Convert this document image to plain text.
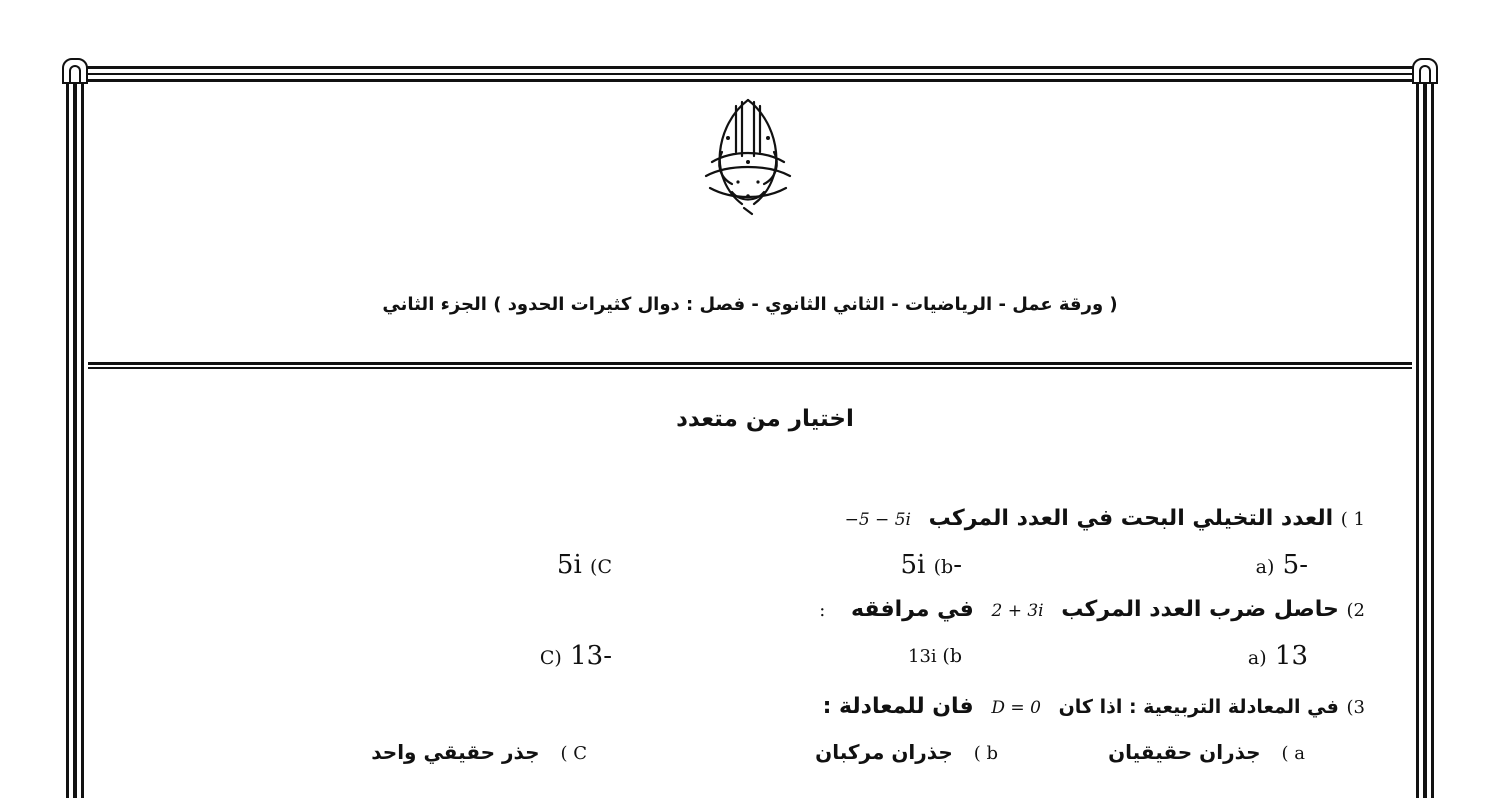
( ورقة عمل - الرياضيات - الثاني الثانوي - فصل : دوال كثيرات الحدود ) الجزء الثاني
اختيار من متعدد
1 ) العدد التخيلي البحت في العدد المركب −5 − 5i
-5 (a
-5i (b
5i (C
2) حاصل ضرب العدد المركب 2 + 3i في مرافقه :
13 (a
13i (b
-13 (C
3) في المعادلة التربيعية : اذا كان D = 0 فان للمعادلة :
a ) جذران حقيقيان
b ) جذران مركبان
C ) جذر حقيقي واحد
